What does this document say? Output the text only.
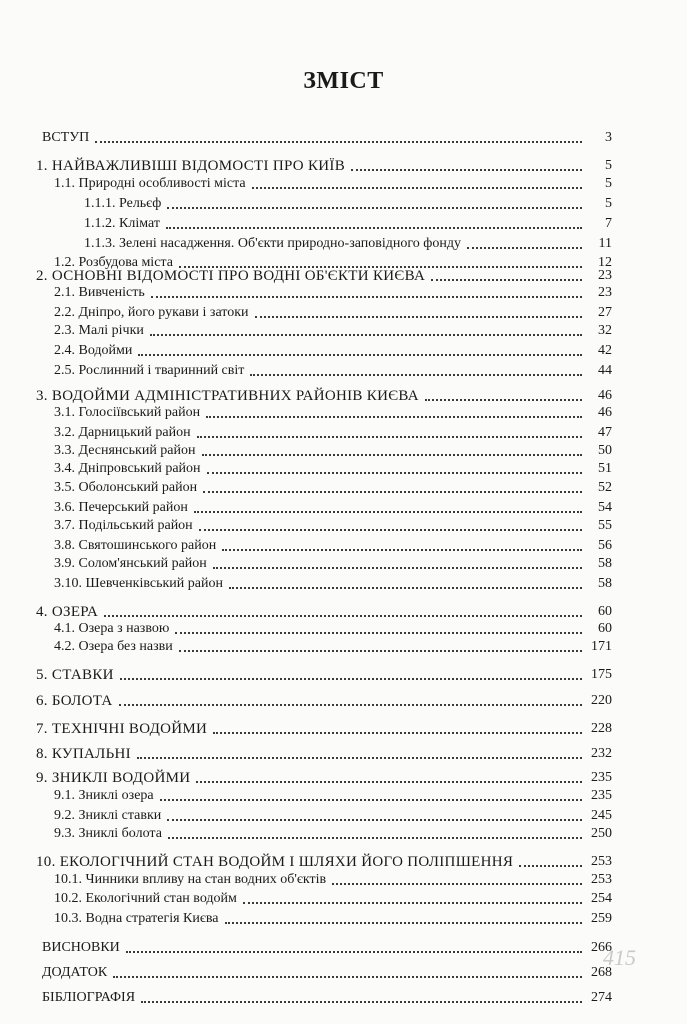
ЗМІСТ
ВСТУП	3
1. НАЙВАЖЛИВІШІ ВІДОМОСТІ ПРО КИЇВ	5
1.1. Природні особливості міста	5
1.1.1. Рельєф	5
1.1.2. Клімат	7
1.1.3. Зелені насадження. Об'єкти природно-заповідного фонду	11
1.2. Розбудова міста	12
2. ОСНОВНІ ВІДОМОСТІ ПРО ВОДНІ ОБ'ЄКТИ КИЄВА	23
2.1. Вивченість	23
2.2. Дніпро, його рукави і затоки	27
2.3. Малі річки	32
2.4. Водойми	42
2.5. Рослинний і тваринний світ	44
3. ВОДОЙМИ АДМІНІСТРАТИВНИХ РАЙОНІВ КИЄВА	46
3.1. Голосіївський район	46
3.2. Дарницький район	47
3.3. Деснянський район	50
3.4. Дніпровський район	51
3.5. Оболонський район	52
3.6. Печерський район	54
3.7. Подільський район	55
3.8. Святошинського район	56
3.9. Солом'янський район	58
3.10. Шевченківський район	58
4. ОЗЕРА	60
4.1. Озера з назвою	60
4.2. Озера без назви	171
5. СТАВКИ	175
6. БОЛОТА	220
7. ТЕХНІЧНІ ВОДОЙМИ	228
8. КУПАЛЬНІ	232
9. ЗНИКЛІ ВОДОЙМИ	235
9.1. Зниклі озера	235
9.2. Зниклі ставки	245
9.3. Зниклі болота	250
10. ЕКОЛОГІЧНИЙ СТАН ВОДОЙМ І ШЛЯХИ ЙОГО ПОЛІПШЕННЯ	253
10.1. Чинники впливу на стан водних об'єктів	253
10.2. Екологічний стан водойм	254
10.3. Водна стратегія Києва	259
ВИСНОВКИ	266
ДОДАТОК	268
БІБЛІОГРАФІЯ	274
415
